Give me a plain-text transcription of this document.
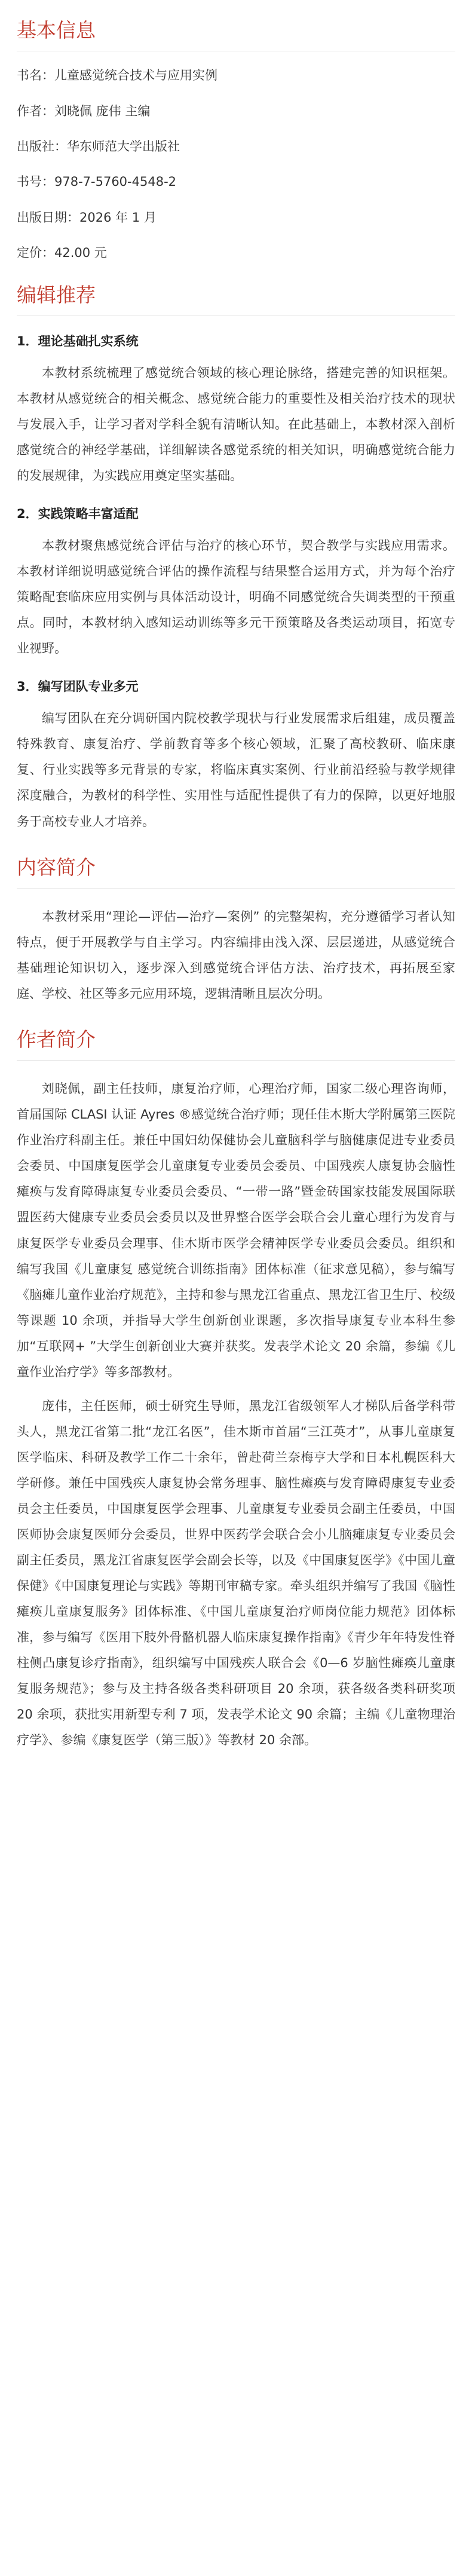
基本信息

书名：儿童感觉统合技术与应用实例

作者：刘晓佩 庞伟 主编

出版社：华东师范大学出版社

书号：978-7-5760-4548-2

出版日期：2026 年 1 月

定价：42.00 元

编辑推荐
1．理论基础扎实系统

本教材系统梳理了感觉统合领域的核心理论脉络，搭建完善的知识框架。本教材从感觉统合的相关概念、感觉统合能力的重要性及相关治疗技术的现状与发展入手，让学习者对学科全貌有清晰认知。在此基础上，本教材深入剖析感觉统合的神经学基础，详细解读各感觉系统的相关知识，明确感觉统合能力的发展规律，为实践应用奠定坚实基础。

2．实践策略丰富适配

本教材聚焦感觉统合评估与治疗的核心环节，契合教学与实践应用需求。本教材详细说明感觉统合评估的操作流程与结果整合运用方式，并为每个治疗策略配套临床应用实例与具体活动设计，明确不同感觉统合失调类型的干预重点。同时，本教材纳入感知运动训练等多元干预策略及各类运动项目，拓宽专业视野。

3．编写团队专业多元

编写团队在充分调研国内院校教学现状与行业发展需求后组建，成员覆盖特殊教育、康复治疗、学前教育等多个核心领域，汇聚了高校教研、临床康复、行业实践等多元背景的专家，将临床真实案例、行业前沿经验与教学规律深度融合，为教材的科学性、实用性与适配性提供了有力的保障，以更好地服务于高校专业人才培养。

内容简介

本教材采用“理论—评估—治疗—案例” 的完整架构，充分遵循学习者认知特点，便于开展教学与自主学习。内容编排由浅入深、层层递进，从感觉统合基础理论知识切入，逐步深入到感觉统合评估方法、治疗技术，再拓展至家庭、学校、社区等多元应用环境，逻辑清晰且层次分明。

作者简介

刘晓佩，副主任技师，康复治疗师，心理治疗师，国家二级心理咨询师，首届国际 CLASI 认证 Ayres ®感觉统合治疗师；现任佳木斯大学附属第三医院作业治疗科副主任。兼任中国妇幼保健协会儿童脑科学与脑健康促进专业委员会委员、中国康复医学会儿童康复专业委员会委员、中国残疾人康复协会脑性瘫痪与发育障碍康复专业委员会委员、“一带一路”暨金砖国家技能发展国际联盟医药大健康专业委员会委员以及世界整合医学会联合会儿童心理行为发育与康复医学专业委员会理事、佳木斯市医学会精神医学专业委员会委员。组织和编写我国《儿童康复 感觉统合训练指南》团体标准（征求意见稿），参与编写《脑瘫儿童作业治疗规范》，主持和参与黑龙江省重点、黑龙江省卫生厅、校级等课题 10 余项，并指导大学生创新创业课题，多次指导康复专业本科生参加“互联网+ ”大学生创新创业大赛并获奖。发表学术论文 20 余篇，参编《儿童作业治疗学》等多部教材。

庞伟，主任医师，硕士研究生导师，黑龙江省级领军人才梯队后备学科带头人，黑龙江省第二批“龙江名医”，佳木斯市首届“三江英才”，从事儿童康复医学临床、科研及教学工作二十余年，曾赴荷兰奈梅亨大学和日本札幌医科大学研修。兼任中国残疾人康复协会常务理事、脑性瘫痪与发育障碍康复专业委员会主任委员，中国康复医学会理事、儿童康复专业委员会副主任委员，中国医师协会康复医师分会委员，世界中医药学会联合会小儿脑瘫康复专业委员会副主任委员，黑龙江省康复医学会副会长等，以及《中国康复医学》《中国儿童保健》《中国康复理论与实践》等期刊审稿专家。牵头组织并编写了我国《脑性瘫痪儿童康复服务》团体标准、《中国儿童康复治疗师岗位能力规范》团体标准，参与编写《医用下肢外骨骼机器人临床康复操作指南》《青少年年特发性脊柱侧凸康复诊疗指南》，组织编写中国残疾人联合会《0—6 岁脑性瘫痪儿童康复服务规范》；参与及主持各级各类科研项目 20 余项，获各级各类科研奖项 20 余项，获批实用新型专利 7 项，发表学术论文 90 余篇；主编《儿童物理治疗学》、参编《康复医学（第三版）》等教材 20 余部。
